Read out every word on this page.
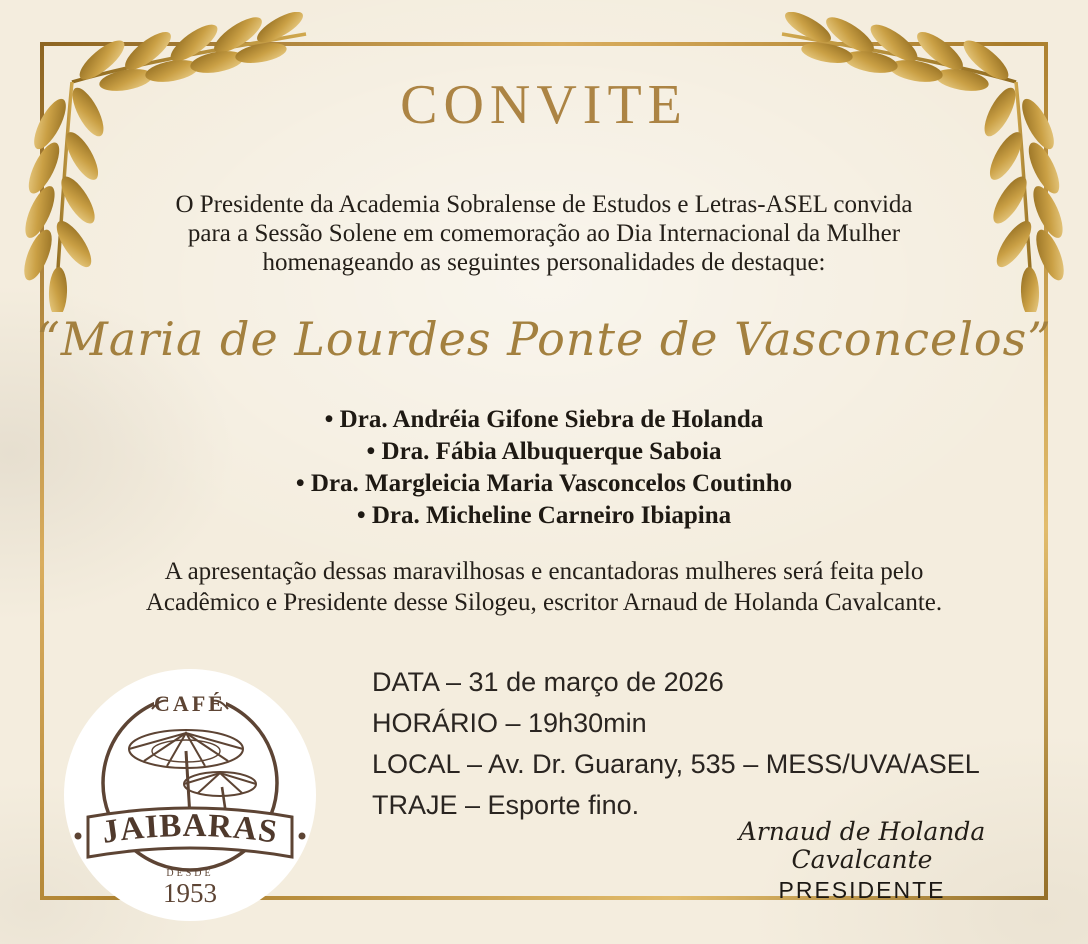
CONVITE
O Presidente da Academia Sobralense de Estudos e Letras-ASEL convida
para a Sessão Solene em comemoração ao Dia Internacional da Mulher
homenageando as seguintes personalidades de destaque:
“Maria de Lourdes Ponte de Vasconcelos”
• Dra. Andréia Gifone Siebra de Holanda
• Dra. Fábia Albuquerque Saboia
• Dra. Margleicia Maria Vasconcelos Coutinho
• Dra. Micheline Carneiro Ibiapina
A apresentação dessas maravilhosas e encantadoras mulheres será feita pelo
Acadêmico e Presidente desse Silogeu, escritor Arnaud de Holanda Cavalcante.
DATA – 31 de março de 2026
HORÁRIO – 19h30min
LOCAL – Av. Dr. Guarany, 535 – MESS/UVA/ASEL
TRAJE – Esporte fino.
CAFÉ
JAIBARAS
DESDE
1953
Arnaud de Holanda Cavalcante
PRESIDENTE
